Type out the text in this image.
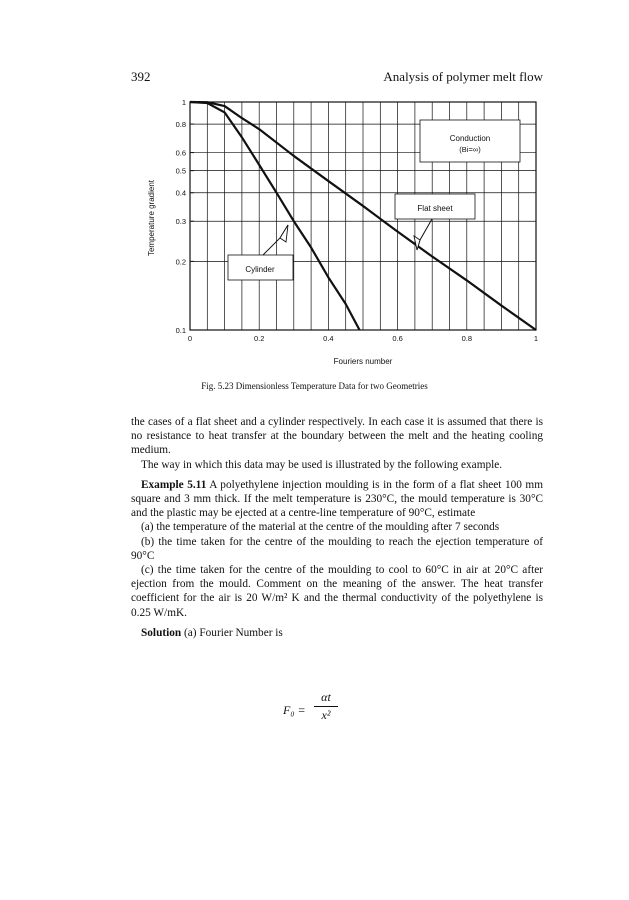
392	Analysis of polymer melt flow
1
0.8
0.6
0.5
0.4
0.3
0.2
0.1
0	0.2	0.4	0.6	0.8	1
Conduction
(Bi=∞)
Flat sheet
Cylinder
Temperature gradient
Fouriers number
Fig. 5.23 Dimensionless Temperature Data for two Geometries

the cases of a flat sheet and a cylinder respectively. In each case it is assumed that there is no resistance to heat transfer at the boundary between the melt and the heating cooling medium.

The way in which this data may be used is illustrated by the following example.

Example 5.11 A polyethylene injection moulding is in the form of a flat sheet 100 mm square and 3 mm thick. If the melt temperature is 230°C, the mould temperature is 30°C and the plastic may be ejected at a centre-line temperature of 90°C, estimate

(a) the temperature of the material at the centre of the moulding after 7 seconds

(b) the time taken for the centre of the moulding to reach the ejection temperature of 90°C

(c) the time taken for the centre of the moulding to cool to 60°C in air at 20°C after ejection from the mould. Comment on the meaning of the answer. The heat transfer coefficient for the air is 20 W/m² K and the thermal conductivity of the polyethylene is 0.25 W/mK.

Solution (a) Fourier Number is

F₀ =
αt
x²
